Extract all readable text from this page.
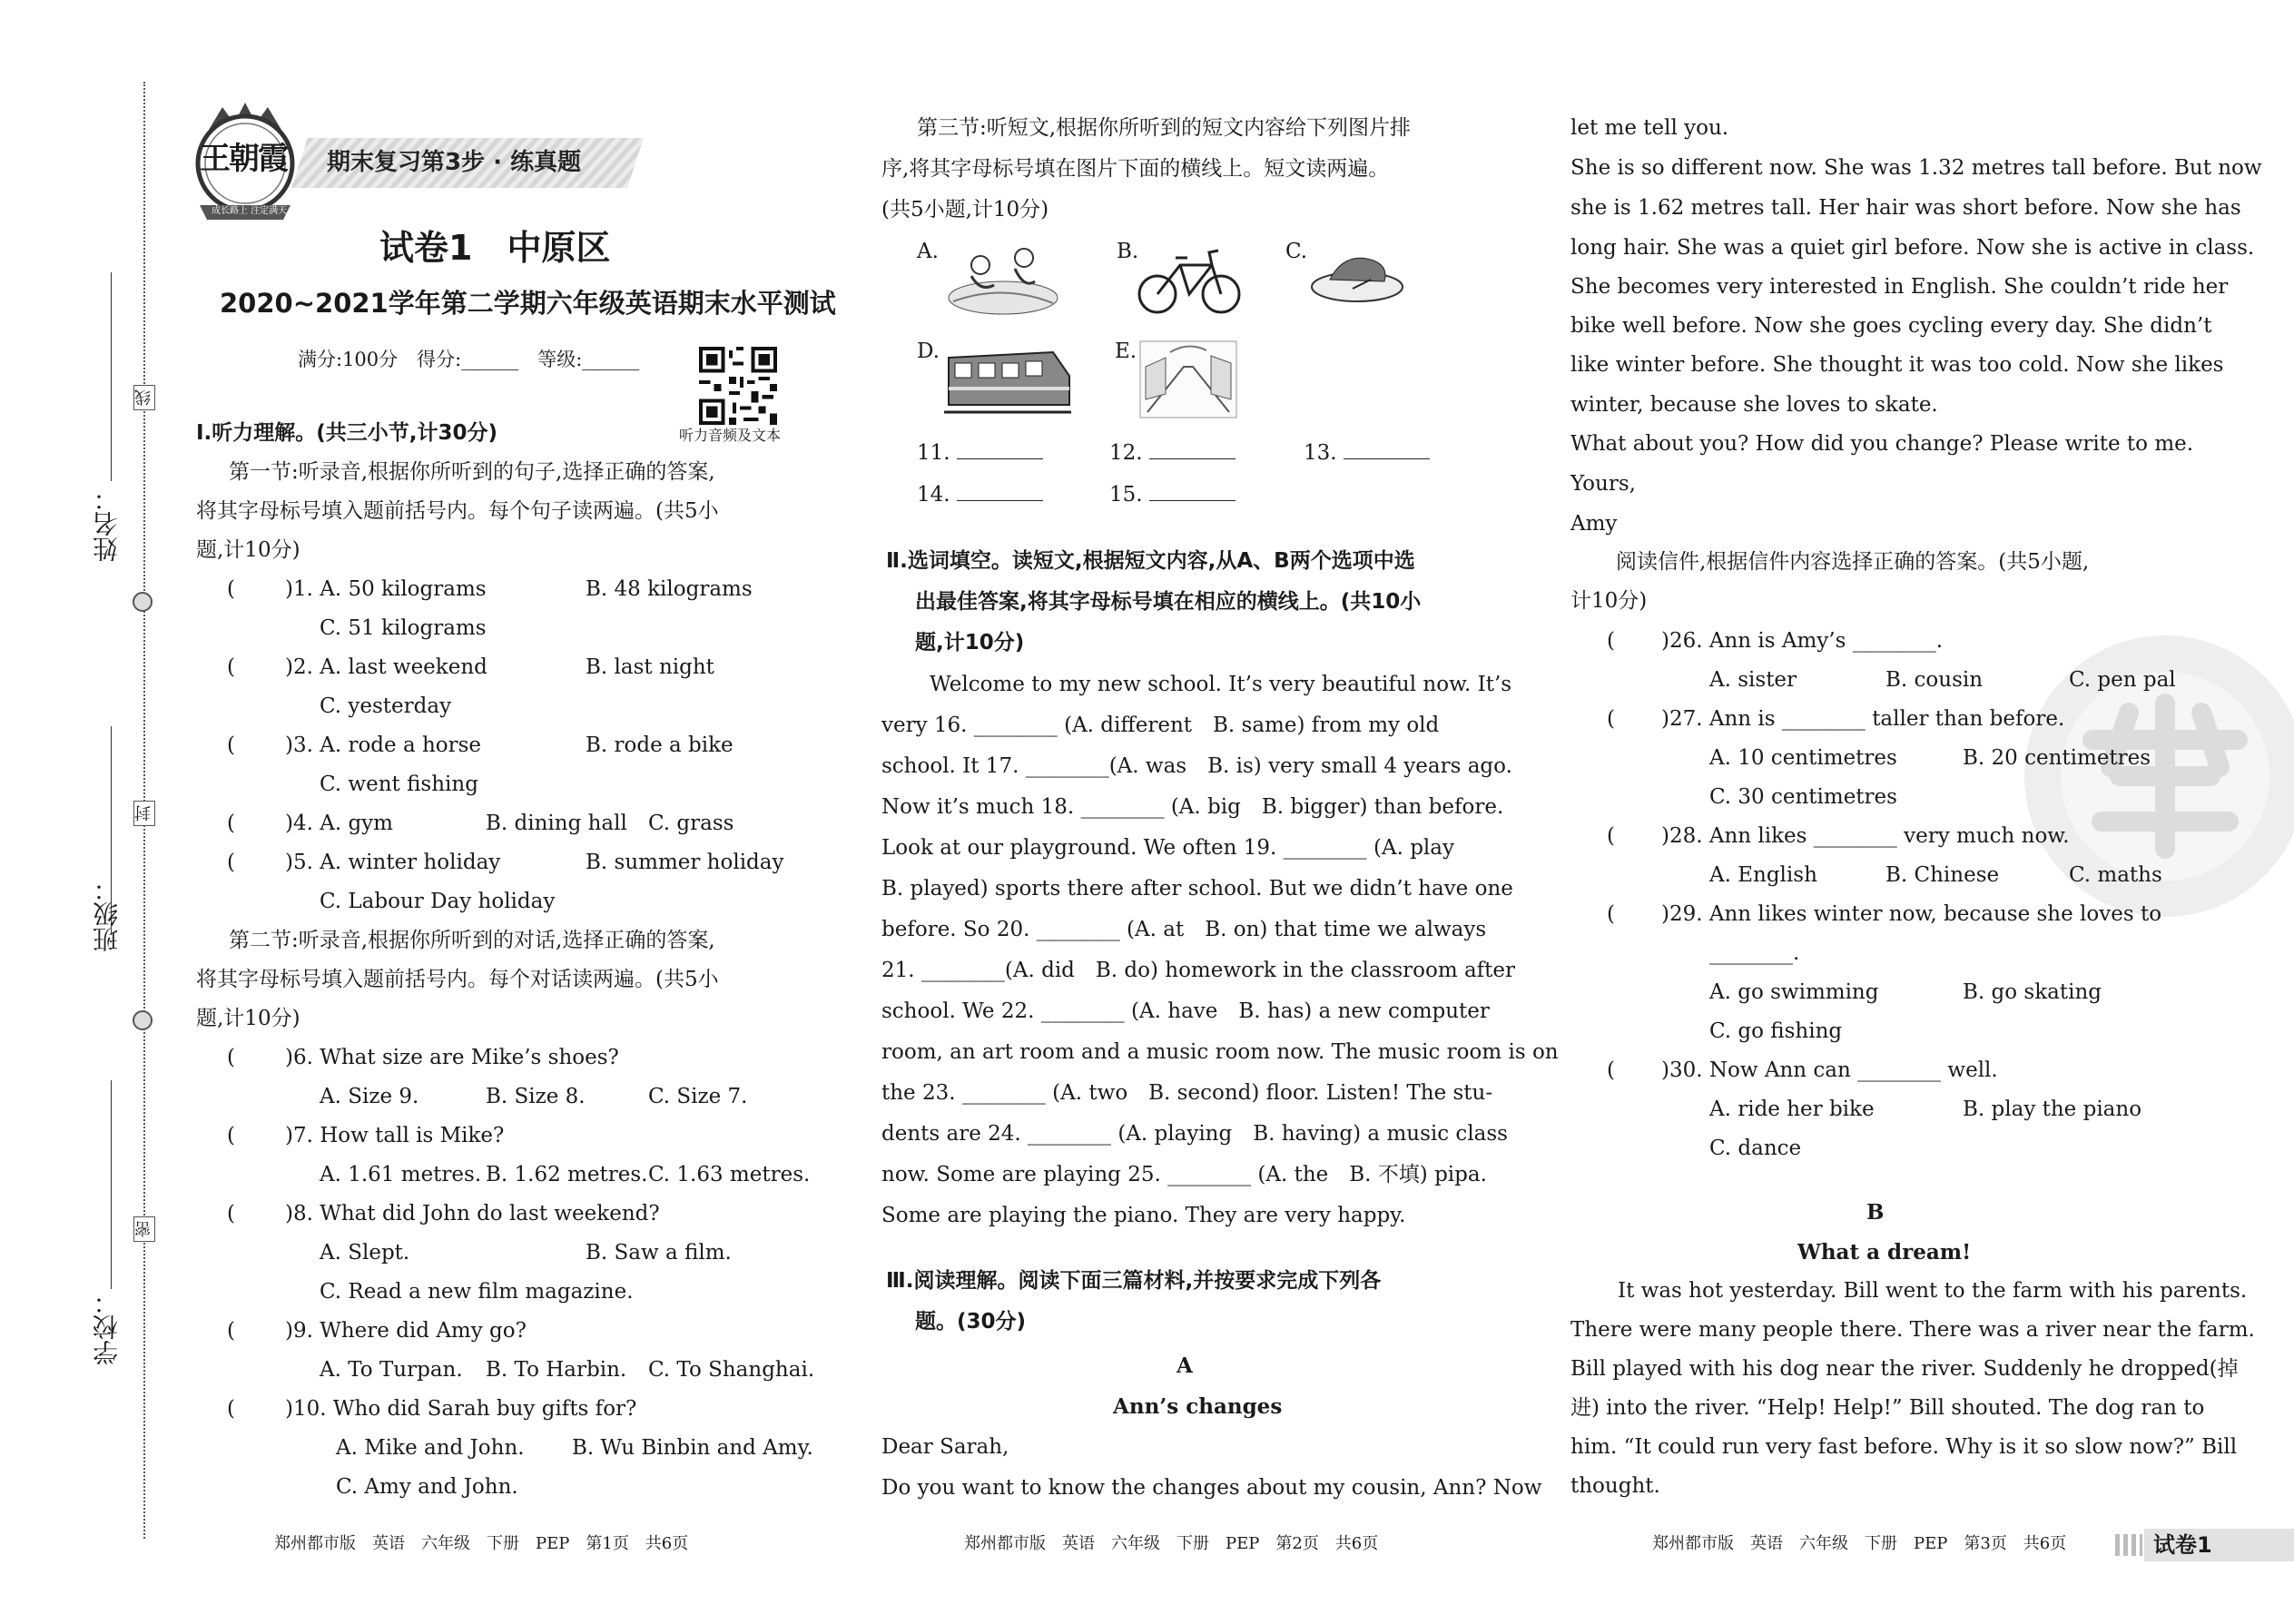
姓名：
班级：
学校：
线
封
密
王朝霞
成长路上 注定满天
期末复习第3步 · 练真题
试卷1　中原区
2020~2021学年第二学期六年级英语期末水平测试
满分:100分　得分:______　等级:______
听力音频及文本
Ⅰ.听力理解。(共三小节,计30分)
第一节:听录音,根据你所听到的句子,选择正确的答案,
将其字母标号填入题前括号内。每个句子读两遍。(共5小
题,计10分)
( )1. A. 50 kilograms	B. 48 kilograms
C. 51 kilograms
( )2. A. last weekend	B. last night
C. yesterday
( )3. A. rode a horse	B. rode a bike
C. went fishing
( )4. A. gym	B. dining hall C. grass
( )5. A. winter holiday	B. summer holiday
C. Labour Day holiday
第二节:听录音,根据你所听到的对话,选择正确的答案,
将其字母标号填入题前括号内。每个对话读两遍。(共5小
题,计10分)
( )6. What size are Mike’s shoes?
A. Size 9.	B. Size 8.	C. Size 7.
( )7. How tall is Mike?
A. 1.61 metres. B. 1.62 metres. C. 1.63 metres.
( )8. What did John do last weekend?
A. Slept.	B. Saw a film.
C. Read a new film magazine.
( )9. Where did Amy go?
A. To Turpan. B. To Harbin. C. To Shanghai.
( )10. Who did Sarah buy gifts for?
A. Mike and John. B. Wu Binbin and Amy.
C. Amy and John.
郑州都市版　英语　六年级　下册　PEP　第1页　共6页
第三节:听短文,根据你所听到的短文内容给下列图片排
序,将其字母标号填在图片下面的横线上。短文读两遍。
(共5小题,计10分)
A.	B.	C.
D.	E.
11.	12.	13.
14.	15.
Ⅱ.选词填空。读短文,根据短文内容,从A、B两个选项中选
出最佳答案,将其字母标号填在相应的横线上。(共10小
题,计10分)
Welcome to my new school. It’s very beautiful now. It’s
very 16. ________ (A. different　B. same) from my old
school. It 17. ________(A. was　B. is) very small 4 years ago.
Now it’s much 18. ________ (A. big　B. bigger) than before.
Look at our playground. We often 19. ________ (A. play
B. played) sports there after school. But we didn’t have one
before. So 20. ________ (A. at　B. on) that time we always
21. ________(A. did　B. do) homework in the classroom after
school. We 22. ________ (A. have　B. has) a new computer
room, an art room and a music room now. The music room is on
the 23. ________ (A. two　B. second) floor. Listen! The stu-
dents are 24. ________ (A. playing　B. having) a music class
now. Some are playing 25. ________ (A. the　B. 不填) pipa.
Some are playing the piano. They are very happy.
Ⅲ.阅读理解。阅读下面三篇材料,并按要求完成下列各
题。(30分)
A
Ann’s changes
Dear Sarah,
Do you want to know the changes about my cousin, Ann? Now
郑州都市版　英语　六年级　下册　PEP　第2页　共6页
let me tell you.
She is so different now. She was 1.32 metres tall before. But now
she is 1.62 metres tall. Her hair was short before. Now she has
long hair. She was a quiet girl before. Now she is active in class.
She becomes very interested in English. She couldn’t ride her
bike well before. Now she goes cycling every day. She didn’t
like winter before. She thought it was too cold. Now she likes
winter, because she loves to skate.
What about you? How did you change? Please write to me.
Yours,
Amy
阅读信件,根据信件内容选择正确的答案。(共5小题,
计10分)
( )26. Ann is Amy’s ________.
A. sister	B. cousin	C. pen pal
( )27. Ann is ________ taller than before.
A. 10 centimetres	B. 20 centimetres
C. 30 centimetres
( )28. Ann likes ________ very much now.
A. English	B. Chinese	C. maths
( )29. Ann likes winter now, because she loves to
________.
A. go swimming	B. go skating
C. go fishing
( )30. Now Ann can ________ well.
A. ride her bike	B. play the piano
C. dance
B
What a dream!
It was hot yesterday. Bill went to the farm with his parents.
There were many people there. There was a river near the farm.
Bill played with his dog near the river. Suddenly he dropped(掉
进) into the river. “Help! Help!” Bill shouted. The dog ran to
him. “It could run very fast before. Why is it so slow now?” Bill
thought.
郑州都市版　英语　六年级　下册　PEP　第3页　共6页	试卷1
